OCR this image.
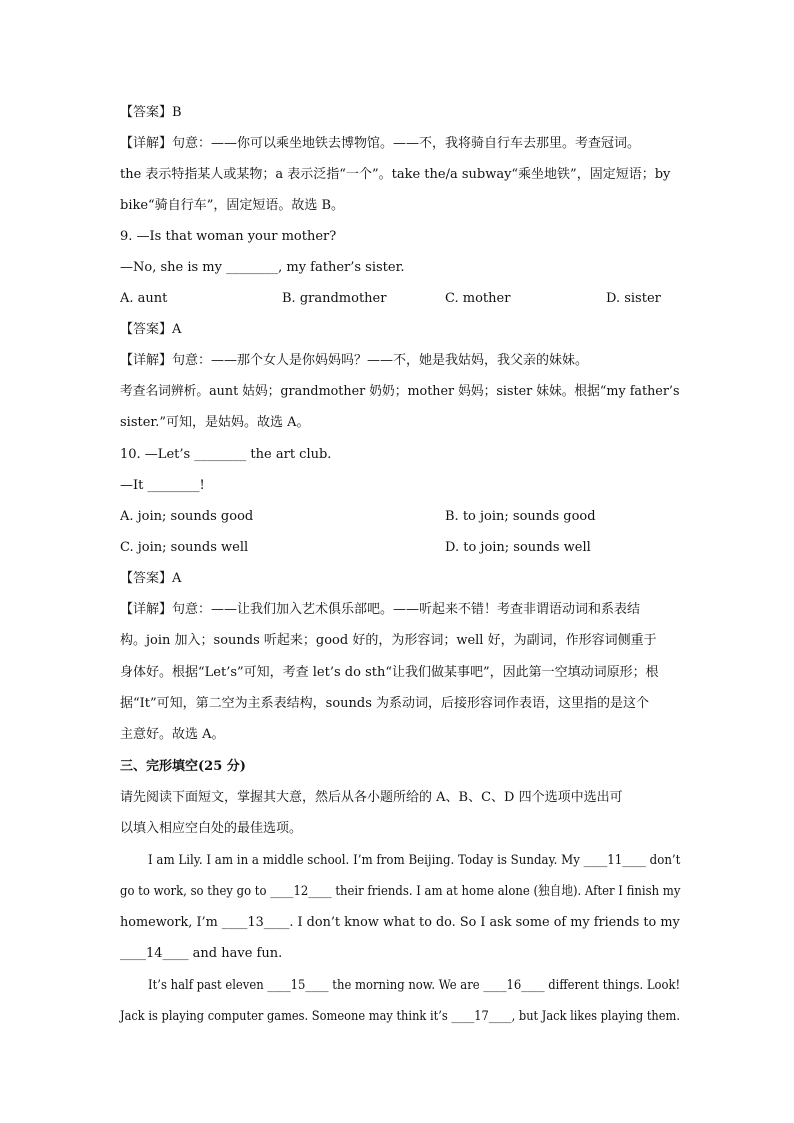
【答案】B
【详解】句意：——你可以乘坐地铁去博物馆。——不，我将骑自行车去那里。考查冠词。
the 表示特指某人或某物；a 表示泛指“一个”。take the/a subway“乘坐地铁”，固定短语；by
bike“骑自行车”，固定短语。故选 B。
9. —Is that woman your mother?
—No, she is my ________, my father’s sister.
A. aunt	B. grandmother	C. mother	D. sister
【答案】A
【详解】句意：——那个女人是你妈妈吗？——不，她是我姑妈，我父亲的妹妹。
考查名词辨析。aunt 姑妈；grandmother 奶奶；mother 妈妈；sister 妹妹。根据“my father’s
sister.”可知，是姑妈。故选 A。
10. —Let’s ________ the art club.
—It ________!
A. join; sounds good	B. to join; sounds good
C. join; sounds well	D. to join; sounds well
【答案】A
【详解】句意：——让我们加入艺术俱乐部吧。——听起来不错！考查非谓语动词和系表结
构。join 加入；sounds 听起来；good 好的，为形容词；well 好，为副词，作形容词侧重于
身体好。根据“Let’s”可知，考查 let’s do sth“让我们做某事吧”，因此第一空填动词原形；根
据“It”可知，第二空为主系表结构，sounds 为系动词，后接形容词作表语，这里指的是这个
主意好。故选 A。
三、完形填空(25 分)
请先阅读下面短文，掌握其大意，然后从各小题所给的 A、B、C、D 四个选项中选出可
以填入相应空白处的最佳选项。
I am Lily. I am in a middle school. I’m from Beijing. Today is Sunday. My ____11____ don’t
go to work, so they go to ____12____ their friends. I am at home alone (独自地). After I finish my
homework, I’m ____13____. I don’t know what to do. So I ask some of my friends to my
____14____ and have fun.
It’s half past eleven ____15____ the morning now. We are ____16____ different things. Look!
Jack is playing computer games. Someone may think it’s ____17____, but Jack likes playing them.
